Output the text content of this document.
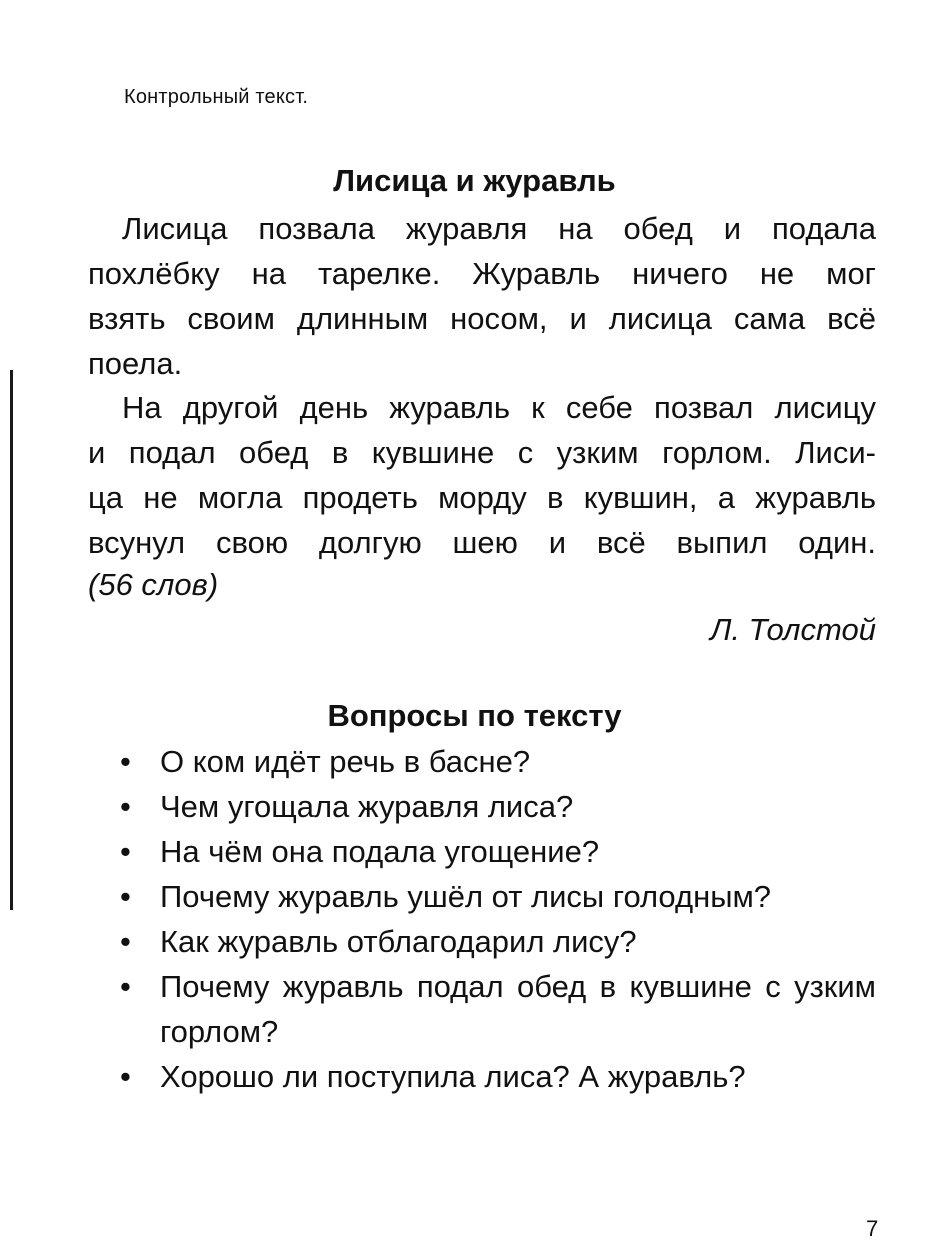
Контрольный текст.
Лисица и журавль

Лисица позвала журавля на обед и подала
похлёбку на тарелке. Журавль ничего не мог
взять своим длинным носом, и лисица сама всё
поела.

На другой день журавль к себе позвал лисицу
и подал обед в кувшине с узким горлом. Лиси-
ца не могла продеть морду в кувшин, а журавль
всунул свою долгую шею и всё выпил один.

(56 слов)
Л. Толстой
Вопросы по тексту
• О ком идёт речь в басне?
• Чем угощала журавля лиса?
• На чём она подала угощение?
• Почему журавль ушёл от лисы голодным?
• Как журавль отблагодарил лису?
• Почему журавль подал обед в кувшине с узким горлом?
• Хорошо ли поступила лиса? А журавль?
7
